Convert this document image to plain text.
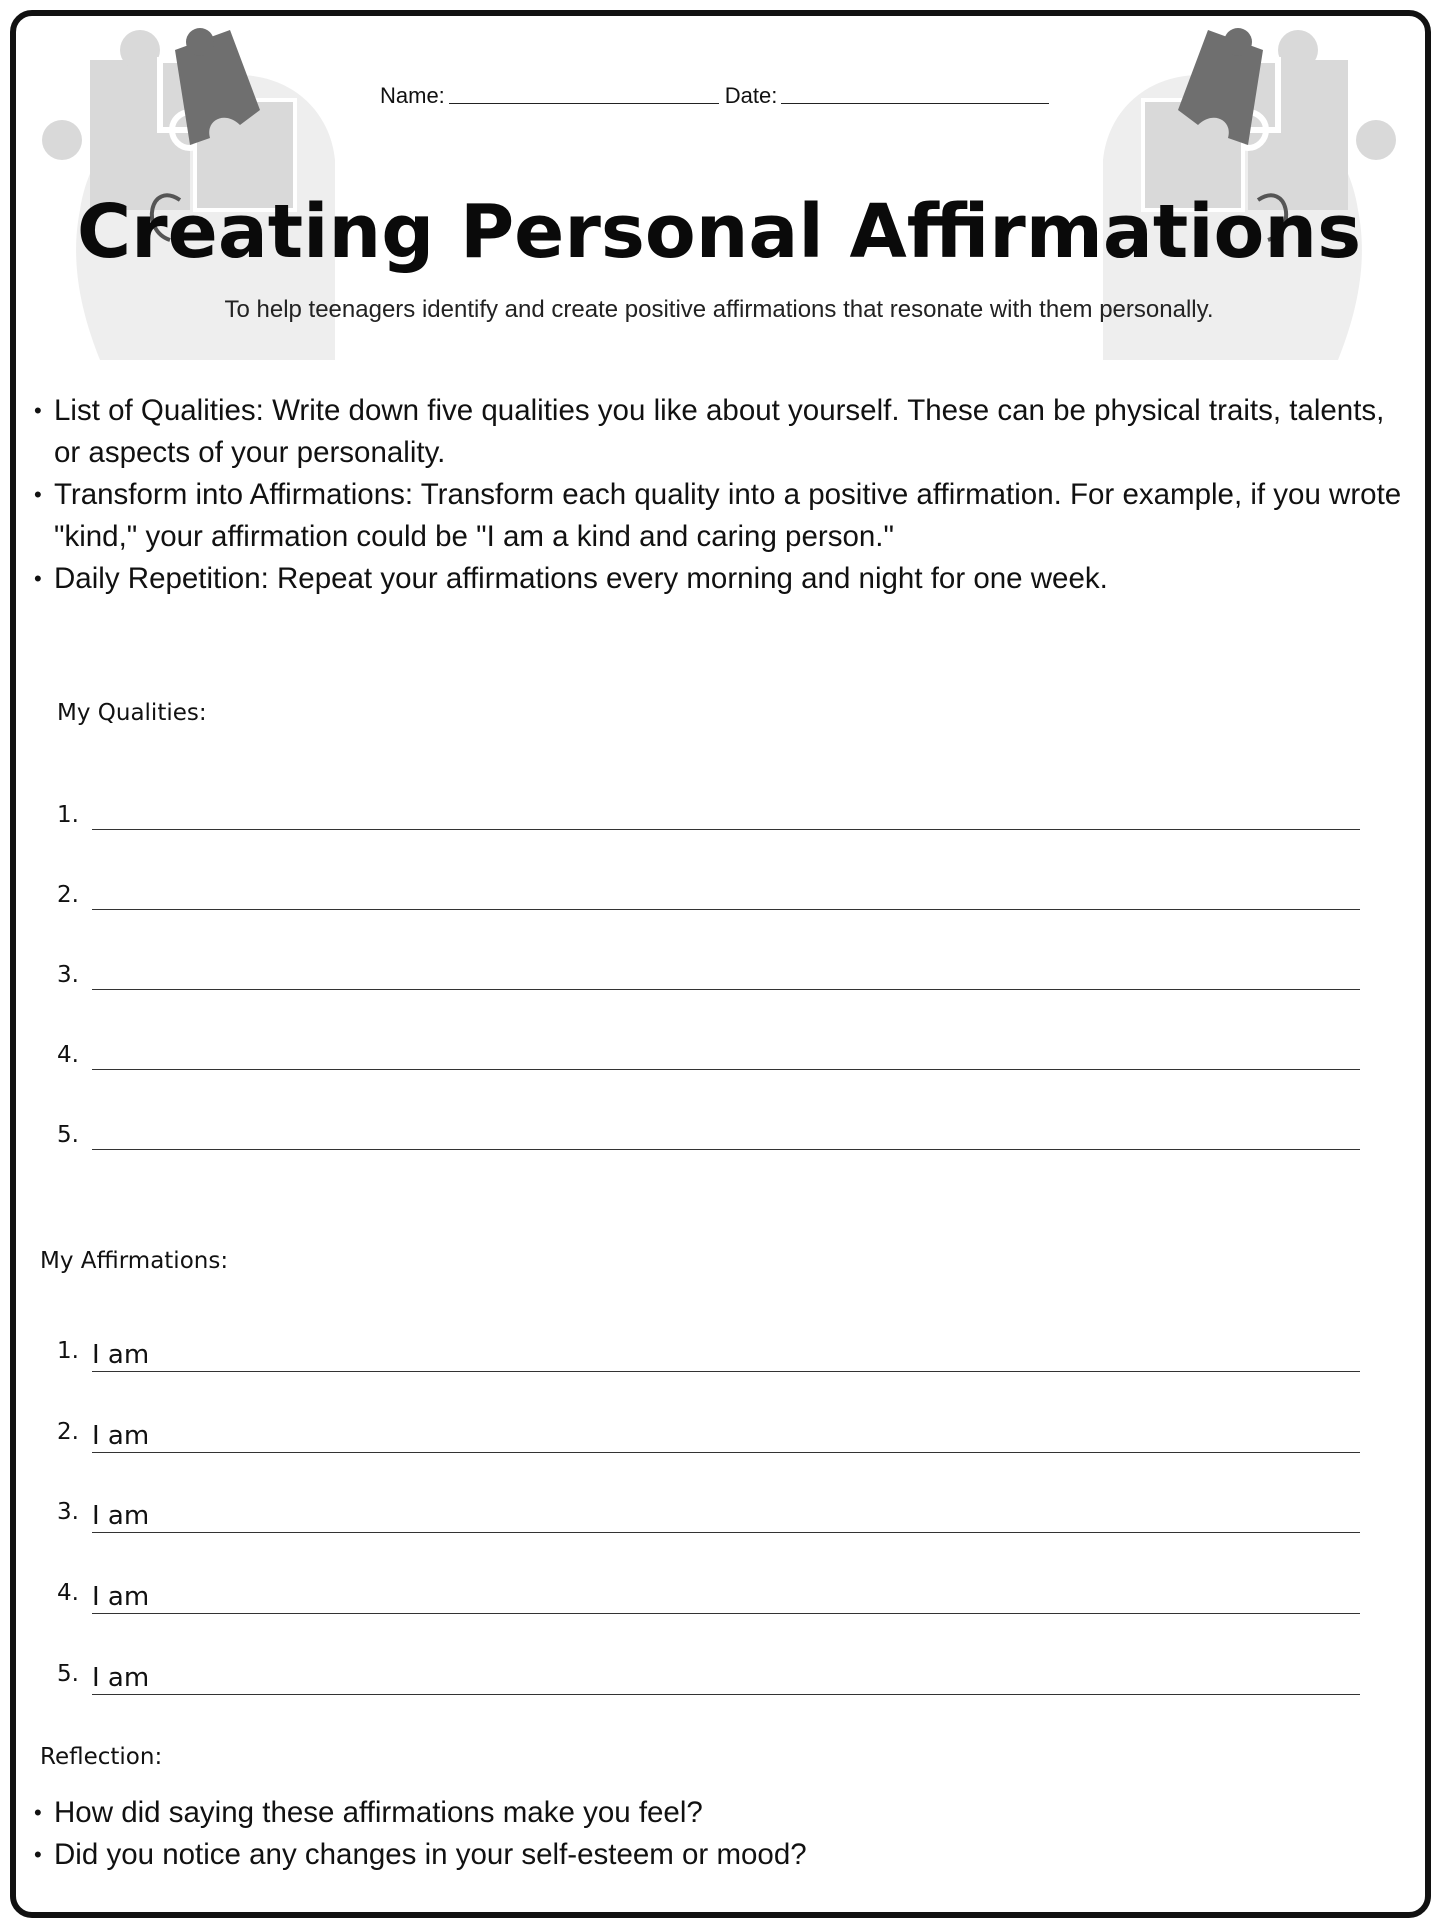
Name:	Date:
Creating Personal Affirmations

To help teenagers identify and create positive affirmations that resonate with them personally.

• List of Qualities: Write down five qualities you like about yourself. These can be physical traits, talents, or aspects of your personality.
• Transform into Affirmations: Transform each quality into a positive affirmation. For example, if you wrote "kind," your affirmation could be "I am a kind and caring person."
• Daily Repetition: Repeat your affirmations every morning and night for one week.

My Qualities:

1.
2.
3.
4.
5.

My Affirmations:

1. I am
2. I am
3. I am
4. I am
5. I am

Reflection:

• How did saying these affirmations make you feel?
• Did you notice any changes in your self-esteem or mood?
